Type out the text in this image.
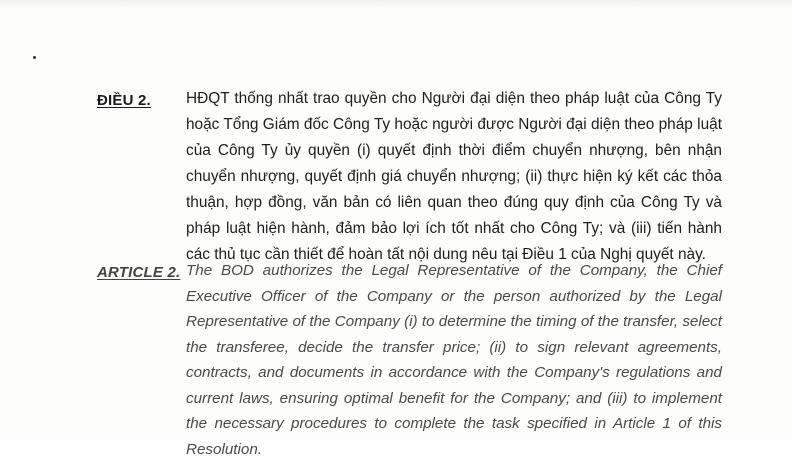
ĐIỀU 2. HĐQT thống nhất trao quyền cho Người đại diện theo pháp luật của Công Ty hoặc Tổng Giám đốc Công Ty hoặc người được Người đại diện theo pháp luật của Công Ty ủy quyền (i) quyết định thời điểm chuyển nhượng, bên nhận chuyển nhượng, quyết định giá chuyển nhượng; (ii) thực hiện ký kết các thỏa thuận, hợp đồng, văn bản có liên quan theo đúng quy định của Công Ty và pháp luật hiện hành, đảm bảo lợi ích tốt nhất cho Công Ty; và (iii) tiến hành các thủ tục cần thiết để hoàn tất nội dung nêu tại Điều 1 của Nghị quyết này.
ARTICLE 2. The BOD authorizes the Legal Representative of the Company, the Chief Executive Officer of the Company or the person authorized by the Legal Representative of the Company (i) to determine the timing of the transfer, select the transferee, decide the transfer price; (ii) to sign relevant agreements, contracts, and documents in accordance with the Company's regulations and current laws, ensuring optimal benefit for the Company; and (iii) to implement the necessary procedures to complete the task specified in Article 1 of this Resolution.
